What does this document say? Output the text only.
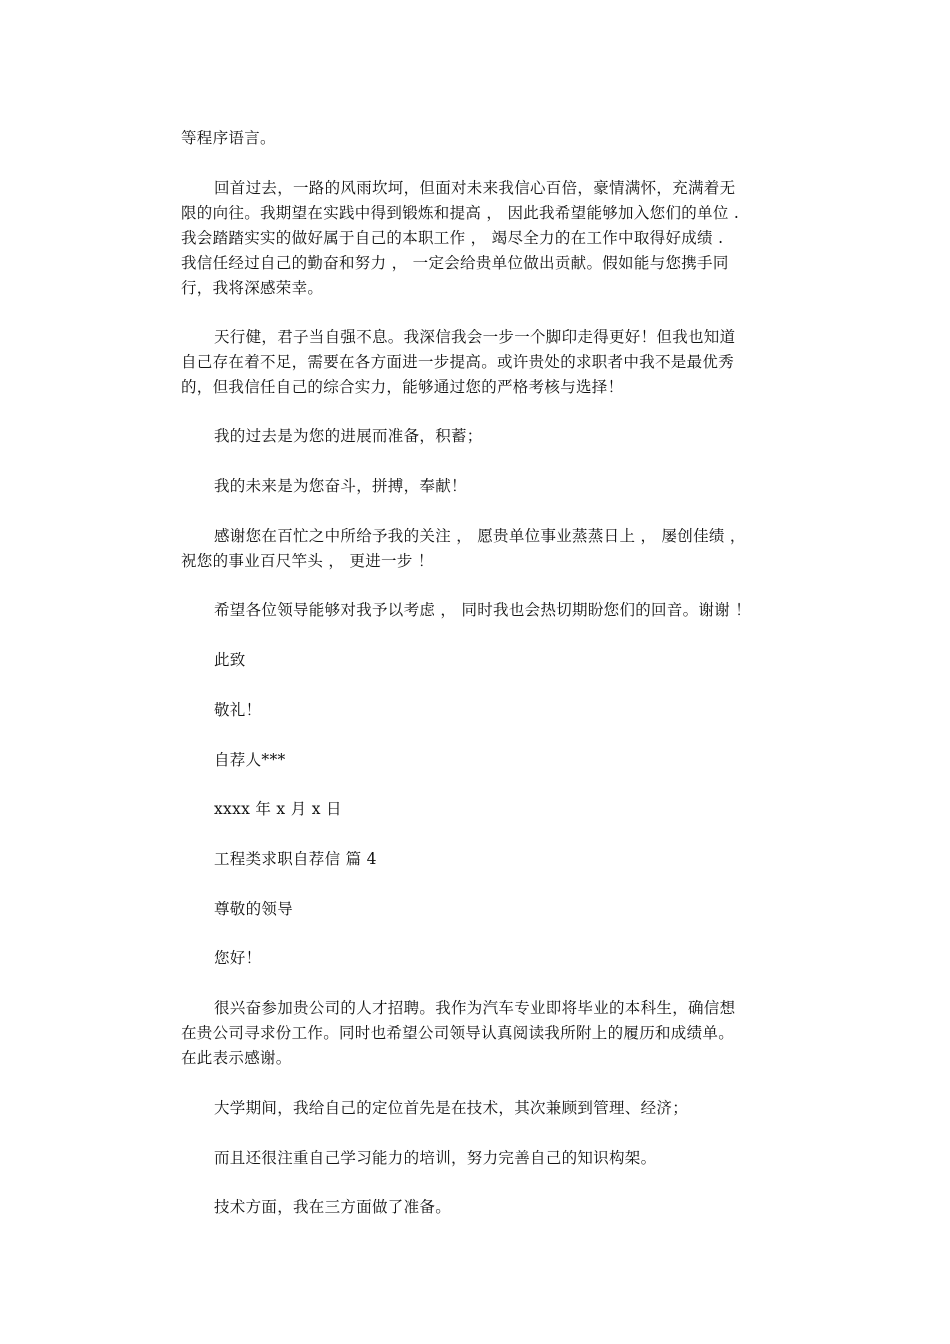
等程序语言。

回首过去，一路的风雨坎坷，但面对未来我信心百倍，豪情满怀，充满着无

限的向往。我期望在实践中得到锻炼和提高 ， 因此我希望能够加入您们的单位 .

我会踏踏实实的做好属于自己的本职工作 ， 竭尽全力的在工作中取得好成绩 .

我信任经过自己的勤奋和努力 ， 一定会给贵单位做出贡献。假如能与您携手同

行，我将深感荣幸。

天行健，君子当自强不息。我深信我会一步一个脚印走得更好！但我也知道

自己存在着不足，需要在各方面进一步提高。或许贵处的求职者中我不是最优秀

的，但我信任自己的综合实力，能够通过您的严格考核与选择！

我的过去是为您的进展而准备，积蓄；

我的未来是为您奋斗，拼搏，奉献！

感谢您在百忙之中所给予我的关注 ， 愿贵单位事业蒸蒸日上 ， 屡创佳绩 ，

祝您的事业百尺竿头 ， 更进一步 ！

希望各位领导能够对我予以考虑 ， 同时我也会热切期盼您们的回音。谢谢 ！

此致

敬礼！

自荐人***

xxxx 年 x 月 x 日

工程类求职自荐信 篇 4

尊敬的领导

您好！

很兴奋参加贵公司的人才招聘。我作为汽车专业即将毕业的本科生，确信想

在贵公司寻求份工作。同时也希望公司领导认真阅读我所附上的履历和成绩单。

在此表示感谢。

大学期间，我给自己的定位首先是在技术，其次兼顾到管理、经济；

而且还很注重自己学习能力的培训，努力完善自己的知识构架。

技术方面，我在三方面做了准备。
